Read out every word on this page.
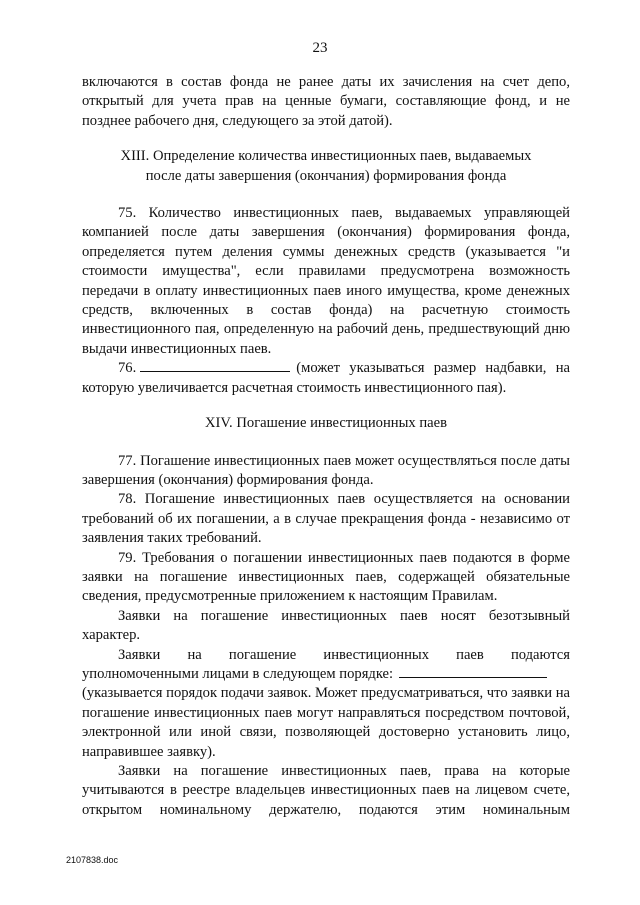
23

включаются в состав фонда не ранее даты их зачисления на счет депо,

открытый для учета прав на ценные бумаги, составляющие фонд, и не

позднее рабочего дня, следующего за этой датой).

XIII. Определение количества инвестиционных паев, выдаваемых

после даты завершения (окончания) формирования фонда

75. Количество инвестиционных паев, выдаваемых управляющей компанией после даты завершения (окончания) формирования фонда, определяется путем деления суммы денежных средств (указывается "и стоимости имущества", если правилами предусмотрена возможность передачи в оплату инвестиционных паев иного имущества, кроме денежных средств, включенных в состав фонда) на расчетную стоимость инвестиционного пая, определенную на рабочий день, предшествующий дню выдачи инвестиционных паев.

76.	(может указываться размер надбавки, на которую увеличивается расчетная стоимость инвестиционного пая).

XIV. Погашение инвестиционных паев

77. Погашение инвестиционных паев может осуществляться после даты завершения (окончания) формирования фонда.

78. Погашение инвестиционных паев осуществляется на основании требований об их погашении, а в случае прекращения фонда - независимо от заявления таких требований.

79. Требования о погашении инвестиционных паев подаются в форме заявки на погашение инвестиционных паев, содержащей обязательные сведения, предусмотренные приложением к настоящим Правилам.

Заявки на погашение инвестиционных паев носят безотзывный характер.

Заявки на погашение инвестиционных паев подаются

уполномоченными лицами в следующем порядке:

(указывается порядок подачи заявок. Может предусматриваться, что заявки на погашение инвестиционных паев могут направляться посредством почтовой, электронной или иной связи, позволяющей достоверно установить лицо, направившее заявку).

Заявки на погашение инвестиционных паев, права на которые учитываются в реестре владельцев инвестиционных паев на лицевом счете, открытом номинальному держателю, подаются этим номинальным

2107838.doc
